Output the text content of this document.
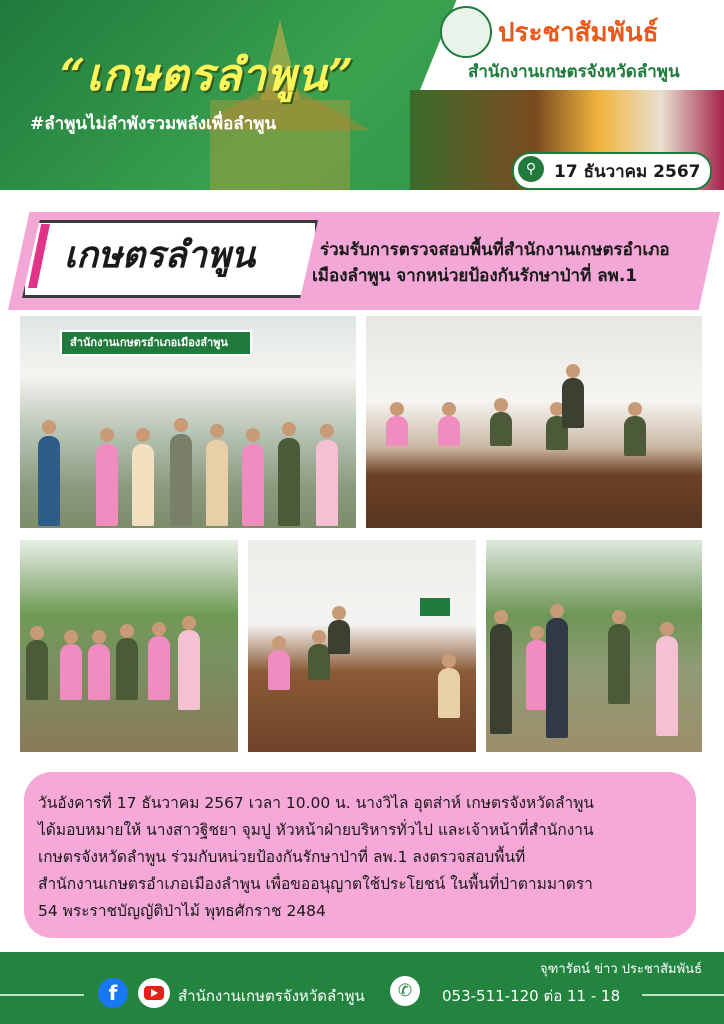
“เกษตรลำพูน”
#ลำพูนไม่ลำพังรวมพลังเพื่อลำพูน
ประชาสัมพันธ์
สำนักงานเกษตรจังหวัดลำพูน
⚲	17 ธันวาคม 2567
เกษตรลำพูน	ร่วมรับการตรวจสอบพื้นที่สำนักงานเกษตรอำเภอ
เมืองลำพูน จากหน่วยป้องกันรักษาป่าที่ ลพ.1
สำนักงานเกษตรอำเภอเมืองลำพูน
วันอังคารที่ 17 ธันวาคม 2567 เวลา 10.00 น. นางวิไล อุตส่าห์ เกษตรจังหวัดลำพูน
ได้มอบหมายให้ นางสาวฐิชยา จุมปู หัวหน้าฝ่ายบริหารทั่วไป และเจ้าหน้าที่สำนักงาน
เกษตรจังหวัดลำพูน ร่วมกับหน่วยป้องกันรักษาป่าที่ ลพ.1 ลงตรวจสอบพื้นที่
สำนักงานเกษตรอำเภอเมืองลำพูน เพื่อขออนุญาตใช้ประโยชน์ ในพื้นที่ป่าตามมาตรา
54 พระราชบัญญัติป่าไม้ พุทธศักราช 2484
จุฑารัตน์ ข่าว ประชาสัมพันธ์
f	สำนักงานเกษตรจังหวัดลำพูน	✆	053-511-120 ต่อ 11 - 18
